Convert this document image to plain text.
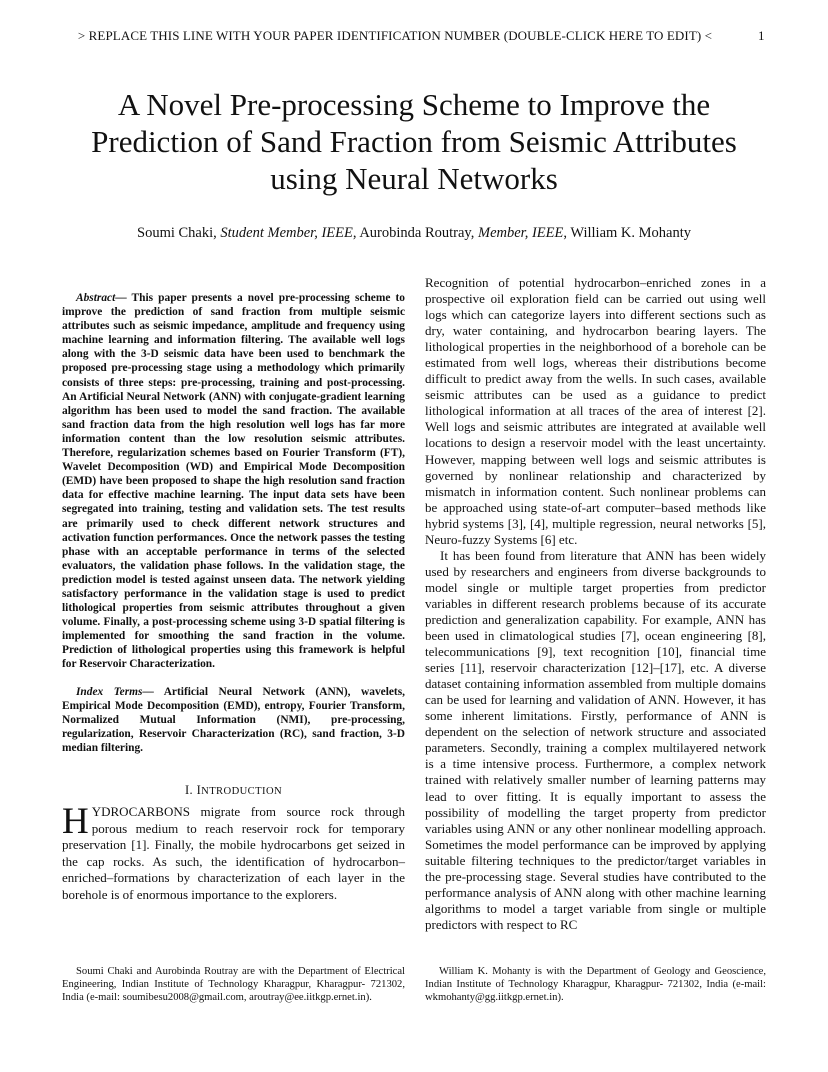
> REPLACE THIS LINE WITH YOUR PAPER IDENTIFICATION NUMBER (DOUBLE-CLICK HERE TO EDIT) <	1
A Novel Pre-processing Scheme to Improve the Prediction of Sand Fraction from Seismic Attributes using Neural Networks
Soumi Chaki, Student Member, IEEE, Aurobinda Routray, Member, IEEE, William K. Mohanty

Abstract— This paper presents a novel pre-processing scheme to improve the prediction of sand fraction from multiple seismic attributes such as seismic impedance, amplitude and frequency using machine learning and information filtering. The available well logs along with the 3-D seismic data have been used to benchmark the proposed pre-processing stage using a methodology which primarily consists of three steps: pre-processing, training and post-processing. An Artificial Neural Network (ANN) with conjugate-gradient learning algorithm has been used to model the sand fraction. The available sand fraction data from the high resolution well logs has far more information content than the low resolution seismic attributes. Therefore, regularization schemes based on Fourier Transform (FT), Wavelet Decomposition (WD) and Empirical Mode Decomposition (EMD) have been proposed to shape the high resolution sand fraction data for effective machine learning. The input data sets have been segregated into training, testing and validation sets. The test results are primarily used to check different network structures and activation function performances. Once the network passes the testing phase with an acceptable performance in terms of the selected evaluators, the validation phase follows. In the validation stage, the prediction model is tested against unseen data. The network yielding satisfactory performance in the validation stage is used to predict lithological properties from seismic attributes throughout a given volume. Finally, a post-processing scheme using 3-D spatial filtering is implemented for smoothing the sand fraction in the volume. Prediction of lithological properties using this framework is helpful for Reservoir Characterization.

Index Terms— Artificial Neural Network (ANN), wavelets, Empirical Mode Decomposition (EMD), entropy, Fourier Transform, Normalized Mutual Information (NMI), pre-processing, regularization, Reservoir Characterization (RC), sand fraction, 3-D median filtering.

I. INTRODUCTION

HYDROCARBONS migrate from source rock through porous medium to reach reservoir rock for temporary preservation [1]. Finally, the mobile hydrocarbons get seized in the cap rocks. As such, the identification of hydrocarbon–enriched–formations by characterization of each layer in the borehole is of enormous importance to the explorers.

Recognition of potential hydrocarbon–enriched zones in a prospective oil exploration field can be carried out using well logs which can categorize layers into different sections such as dry, water containing, and hydrocarbon bearing layers. The lithological properties in the neighborhood of a borehole can be estimated from well logs, whereas their distributions become difficult to predict away from the wells. In such cases, available seismic attributes can be used as a guidance to predict lithological information at all traces of the area of interest [2]. Well logs and seismic attributes are integrated at available well locations to design a reservoir model with the least uncertainty. However, mapping between well logs and seismic attributes is governed by nonlinear relationship and characterized by mismatch in information content. Such nonlinear problems can be approached using state-of-art computer–based methods like hybrid systems [3], [4], multiple regression, neural networks [5], Neuro-fuzzy Systems [6] etc.

It has been found from literature that ANN has been widely used by researchers and engineers from diverse backgrounds to model single or multiple target properties from predictor variables in different research problems because of its accurate prediction and generalization capability. For example, ANN has been used in climatological studies [7], ocean engineering [8], telecommunications [9], text recognition [10], financial time series [11], reservoir characterization [12]–[17], etc. A diverse dataset containing information assembled from multiple domains can be used for learning and validation of ANN. However, it has some inherent limitations. Firstly, performance of ANN is dependent on the selection of network structure and associated parameters. Secondly, training a complex multilayered network is a time intensive process. Furthermore, a complex network trained with relatively smaller number of learning patterns may lead to over fitting. It is equally important to assess the possibility of modelling the target property from predictor variables using ANN or any other nonlinear modelling approach. Sometimes the model performance can be improved by applying suitable filtering techniques to the predictor/target variables in the pre-processing stage. Several studies have contributed to the performance analysis of ANN along with other machine learning algorithms to model a target variable from single or multiple predictors with respect to RC

Soumi Chaki and Aurobinda Routray are with the Department of Electrical Engineering, Indian Institute of Technology Kharagpur, Kharagpur- 721302, India (e-mail: soumibesu2008@gmail.com, aroutray@ee.iitkgp.ernet.in).

William K. Mohanty is with the Department of Geology and Geoscience, Indian Institute of Technology Kharagpur, Kharagpur- 721302, India (e-mail: wkmohanty@gg.iitkgp.ernet.in).
